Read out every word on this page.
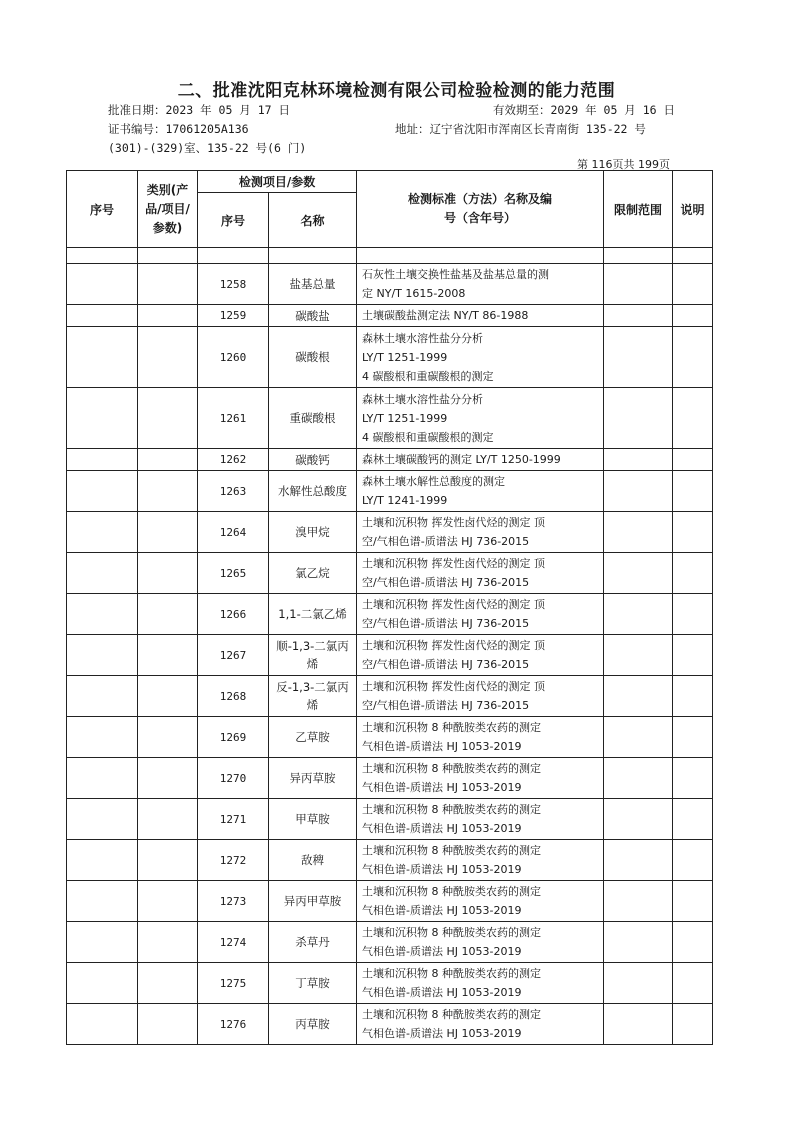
二、批准沈阳克林环境检测有限公司检验检测的能力范围
批准日期：2023 年 05 月 17 日	有效期至：2029 年 05 月 16 日
证书编号：17061205A136	地址：辽宁省沈阳市浑南区长青南街 135-22 号
(301)-(329)室、135-22 号(6 门)
第 116页共 199页
序号	类别(产品/项目/参数)	检测项目/参数		检测标准（方法）名称及编号（含年号）	限制范围	说明
		序号	名称			

		1258	盐基总量	石灰性土壤交换性盐基及盐基总量的测
定 NY/T 1615-2008		

		1259	碳酸盐	土壤碳酸盐测定法 NY/T 86-1988		

		1260	碳酸根	森林土壤水溶性盐分分析
LY/T 1251-1999
4 碳酸根和重碳酸根的测定		

		1261	重碳酸根	森林土壤水溶性盐分分析
LY/T 1251-1999
4 碳酸根和重碳酸根的测定		

		1262	碳酸钙	森林土壤碳酸钙的测定 LY/T 1250-1999		

		1263	水解性总酸度	森林土壤水解性总酸度的测定
LY/T 1241-1999		

		1264	溴甲烷	土壤和沉积物 挥发性卤代烃的测定 顶
空/气相色谱-质谱法 HJ 736-2015		

		1265	氯乙烷	土壤和沉积物 挥发性卤代烃的测定 顶
空/气相色谱-质谱法 HJ 736-2015		

		1266	1,1-二氯乙烯	土壤和沉积物 挥发性卤代烃的测定 顶
空/气相色谱-质谱法 HJ 736-2015		

		1267	顺-1,3-二氯丙烯	土壤和沉积物 挥发性卤代烃的测定 顶
空/气相色谱-质谱法 HJ 736-2015		

		1268	反-1,3-二氯丙烯	土壤和沉积物 挥发性卤代烃的测定 顶
空/气相色谱-质谱法 HJ 736-2015		

		1269	乙草胺	土壤和沉积物 8 种酰胺类农药的测定
气相色谱-质谱法 HJ 1053-2019		

		1270	异丙草胺	土壤和沉积物 8 种酰胺类农药的测定
气相色谱-质谱法 HJ 1053-2019		

		1271	甲草胺	土壤和沉积物 8 种酰胺类农药的测定
气相色谱-质谱法 HJ 1053-2019		

		1272	敌稗	土壤和沉积物 8 种酰胺类农药的测定
气相色谱-质谱法 HJ 1053-2019		

		1273	异丙甲草胺	土壤和沉积物 8 种酰胺类农药的测定
气相色谱-质谱法 HJ 1053-2019		

		1274	杀草丹	土壤和沉积物 8 种酰胺类农药的测定
气相色谱-质谱法 HJ 1053-2019		

		1275	丁草胺	土壤和沉积物 8 种酰胺类农药的测定
气相色谱-质谱法 HJ 1053-2019		

		1276	丙草胺	土壤和沉积物 8 种酰胺类农药的测定
气相色谱-质谱法 HJ 1053-2019		
